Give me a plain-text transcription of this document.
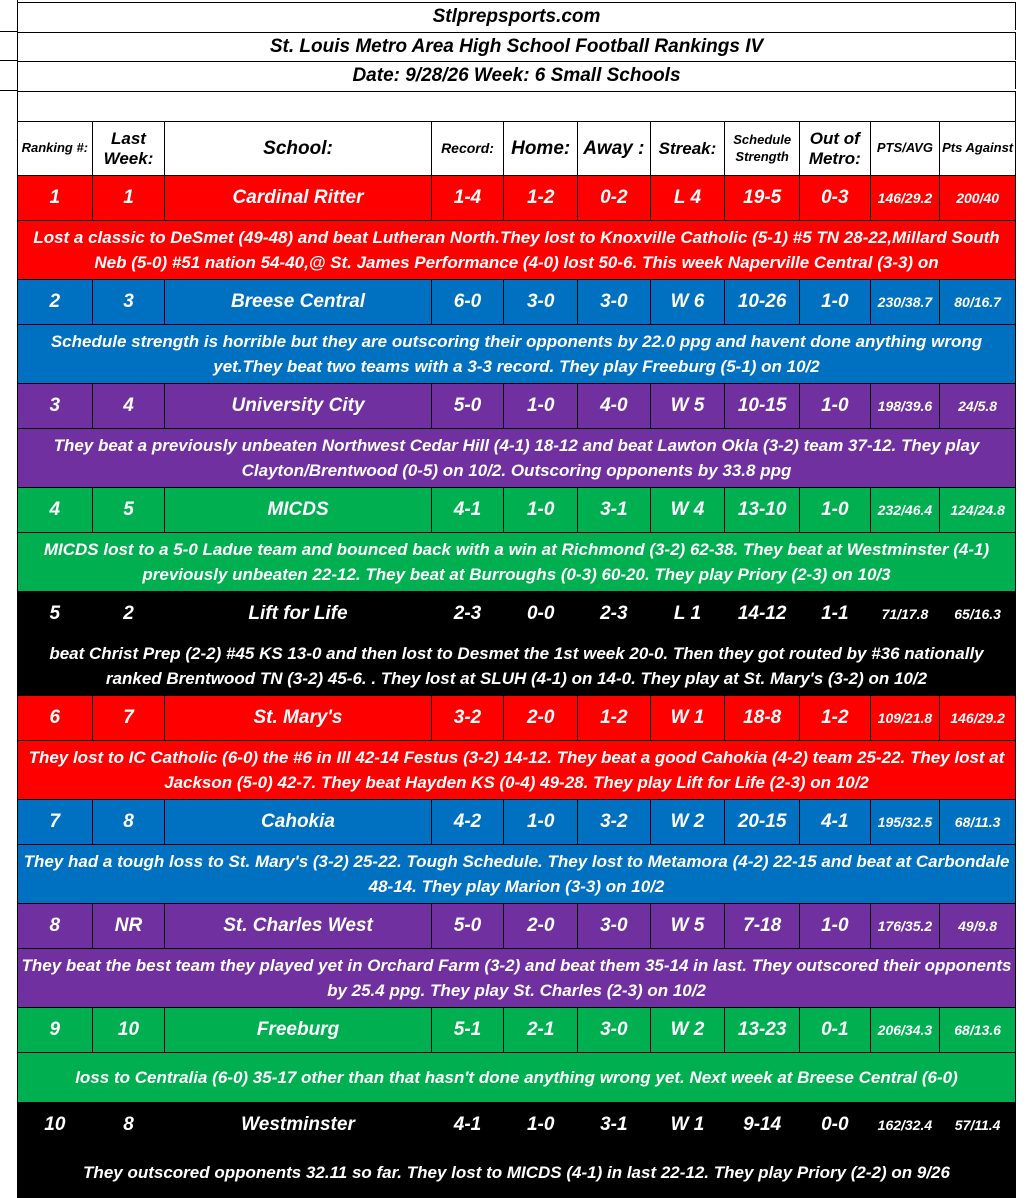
Stlprepsports.com
St. Louis Metro Area High School Football Rankings IV
Date: 9/28/26 Week: 6 Small Schools
Ranking #:	Last Week:	School:	Record:	Home:	Away :	Streak:	Schedule Strength	Out of Metro:	PTS/AVG	Pts Against
1	1	Cardinal Ritter	1-4	1-2	0-2	L 4	19-5	0-3	146/29.2	200/40
Lost a classic to DeSmet (49-48) and beat Lutheran North.They lost to Knoxville Catholic (5-1) #5 TN 28-22,Millard South Neb (5-0) #51 nation 54-40,@ St. James Performance (4-0) lost 50-6. This week Naperville Central (3-3) on										
2	3	Breese Central	6-0	3-0	3-0	W 6	10-26	1-0	230/38.7	80/16.7
Schedule strength is horrible but they are outscoring their opponents by 22.0 ppg and havent done anything wrong yet.They beat two teams with a 3-3 record. They play Freeburg (5-1) on 10/2										
3	4	University City	5-0	1-0	4-0	W 5	10-15	1-0	198/39.6	24/5.8
They beat a previously unbeaten Northwest Cedar Hill (4-1) 18-12 and beat Lawton Okla (3-2) team 37-12. They play Clayton/Brentwood (0-5) on 10/2. Outscoring opponents by 33.8 ppg										
4	5	MICDS	4-1	1-0	3-1	W 4	13-10	1-0	232/46.4	124/24.8
MICDS lost to a 5-0 Ladue team and bounced back with a win at Richmond (3-2) 62-38. They beat at Westminster (4-1) previously unbeaten 22-12. They beat at Burroughs (0-3) 60-20. They play Priory (2-3) on 10/3										
5	2	Lift for Life	2-3	0-0	2-3	L 1	14-12	1-1	71/17.8	65/16.3
beat Christ Prep (2-2) #45 KS 13-0 and then lost to Desmet the 1st week 20-0. Then they got routed by #36 nationally ranked Brentwood TN (3-2) 45-6. . They lost at SLUH (4-1) on 14-0. They play at St. Mary's (3-2) on 10/2										
6	7	St. Mary's	3-2	2-0	1-2	W 1	18-8	1-2	109/21.8	146/29.2
They lost to IC Catholic (6-0) the #6 in Ill 42-14 Festus (3-2) 14-12. They beat a good Cahokia (4-2) team 25-22. They lost at Jackson (5-0) 42-7. They beat Hayden KS (0-4) 49-28. They play Lift for Life (2-3) on 10/2										
7	8	Cahokia	4-2	1-0	3-2	W 2	20-15	4-1	195/32.5	68/11.3
They had a tough loss to St. Mary's (3-2) 25-22. Tough Schedule. They lost to Metamora (4-2) 22-15 and beat at Carbondale 48-14. They play Marion (3-3) on 10/2										
8	NR	St. Charles West	5-0	2-0	3-0	W 5	7-18	1-0	176/35.2	49/9.8
They beat the best team they played yet in Orchard Farm (3-2) and beat them 35-14 in last. They outscored their opponents by 25.4 ppg. They play St. Charles (2-3) on 10/2										
9	10	Freeburg	5-1	2-1	3-0	W 2	13-23	0-1	206/34.3	68/13.6
loss to Centralia (6-0) 35-17 other than that hasn't done anything wrong yet. Next week at Breese Central (6-0)										
10	8	Westminster	4-1	1-0	3-1	W 1	9-14	0-0	162/32.4	57/11.4
They outscored opponents 32.11 so far. They lost to MICDS (4-1) in last 22-12. They play Priory (2-2) on 9/26										
